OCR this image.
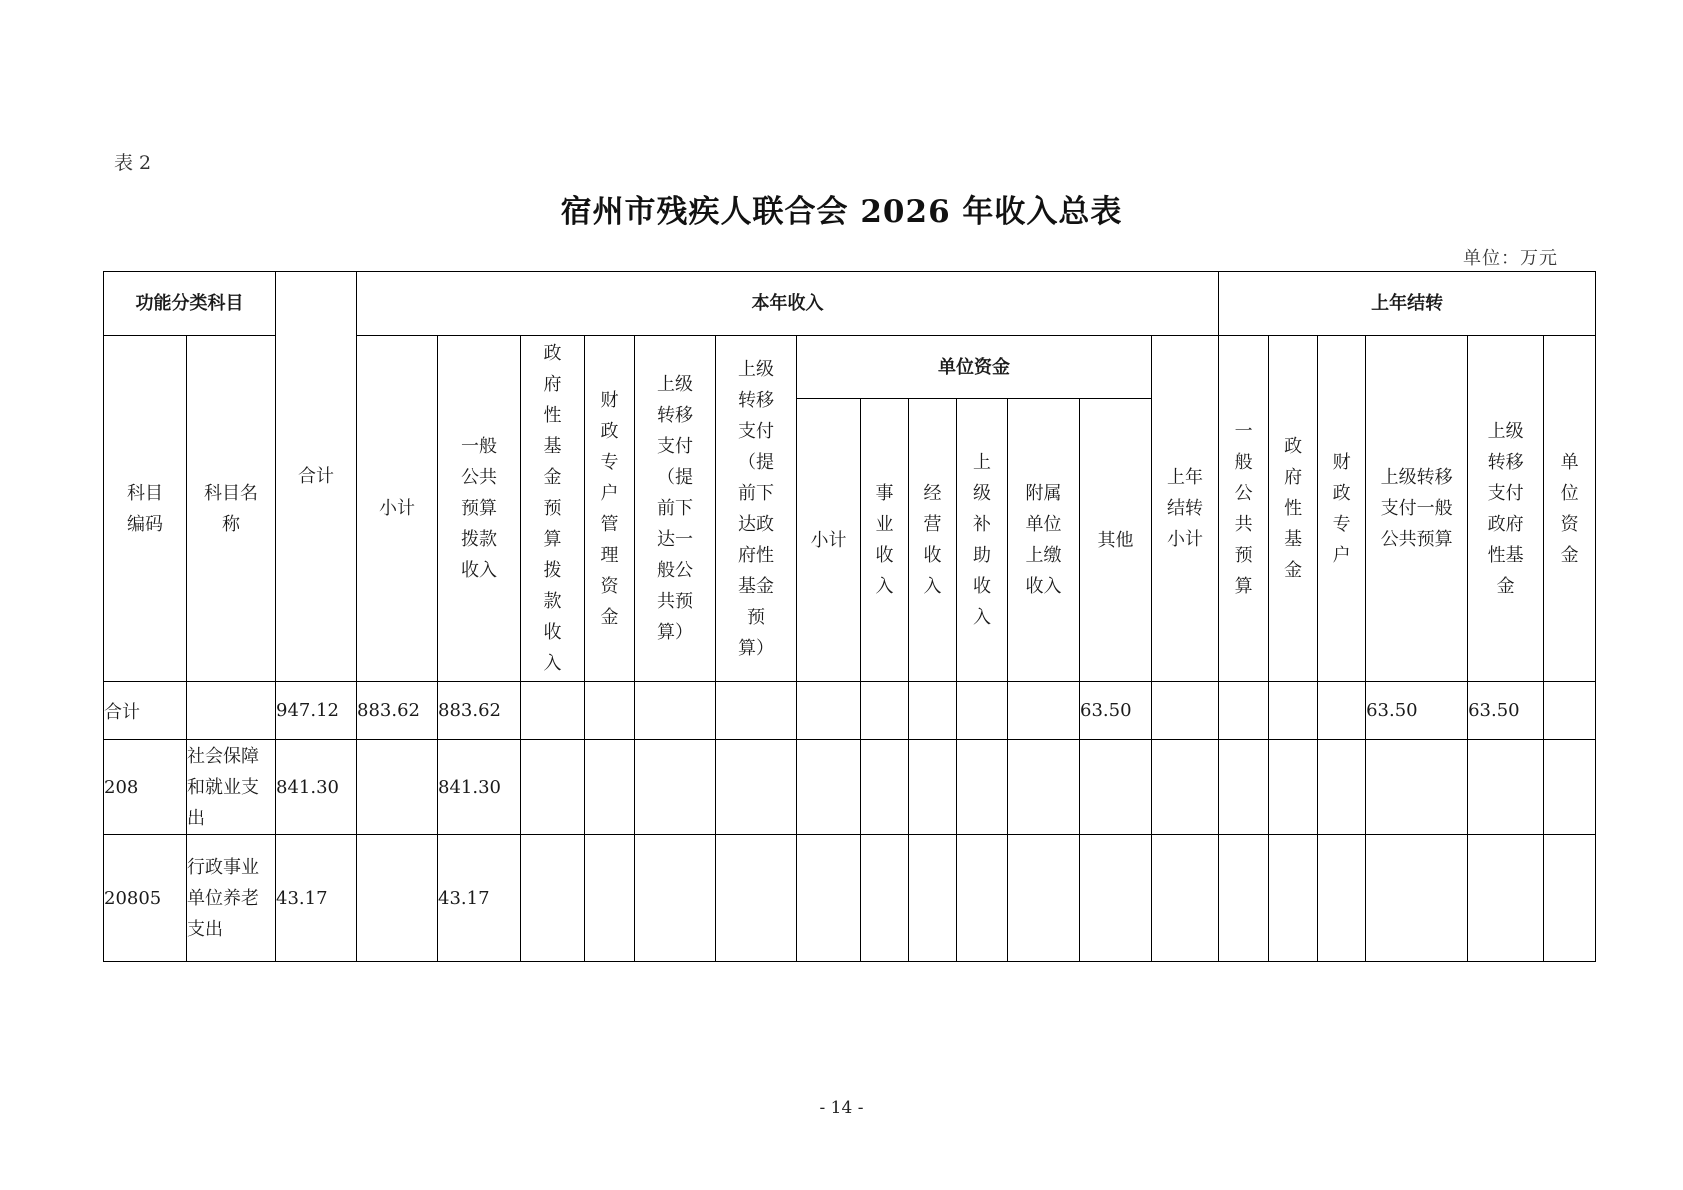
表 2
宿州市残疾人联合会 2026 年收入总表
单位：万元
功能分类科目		合计	本年收入													上年结转					
科目编码	科目名称		小计	一般公共预算拨款收入	政府性基金预算拨款收入	财政专户管理资金	上级转移支付（提前下达一般公共预算）	上级转移支付（提前下达政府性基金预算）	单位资金						上年结转小计	一般公共预算	政府性基金	财政专户	上级转移支付一般公共预算	上级转移支付政府性基金	单位资金
									小计	事业收入	经营收入	上级补助收入	附属单位上缴收入	其他							
合计		947.12	883.62	883.62										63.50					63.50	63.50	
208	社会保障和就业支出	841.30		841.30																	
20805	行政事业单位养老支出	43.17		43.17																	
- 14 -
